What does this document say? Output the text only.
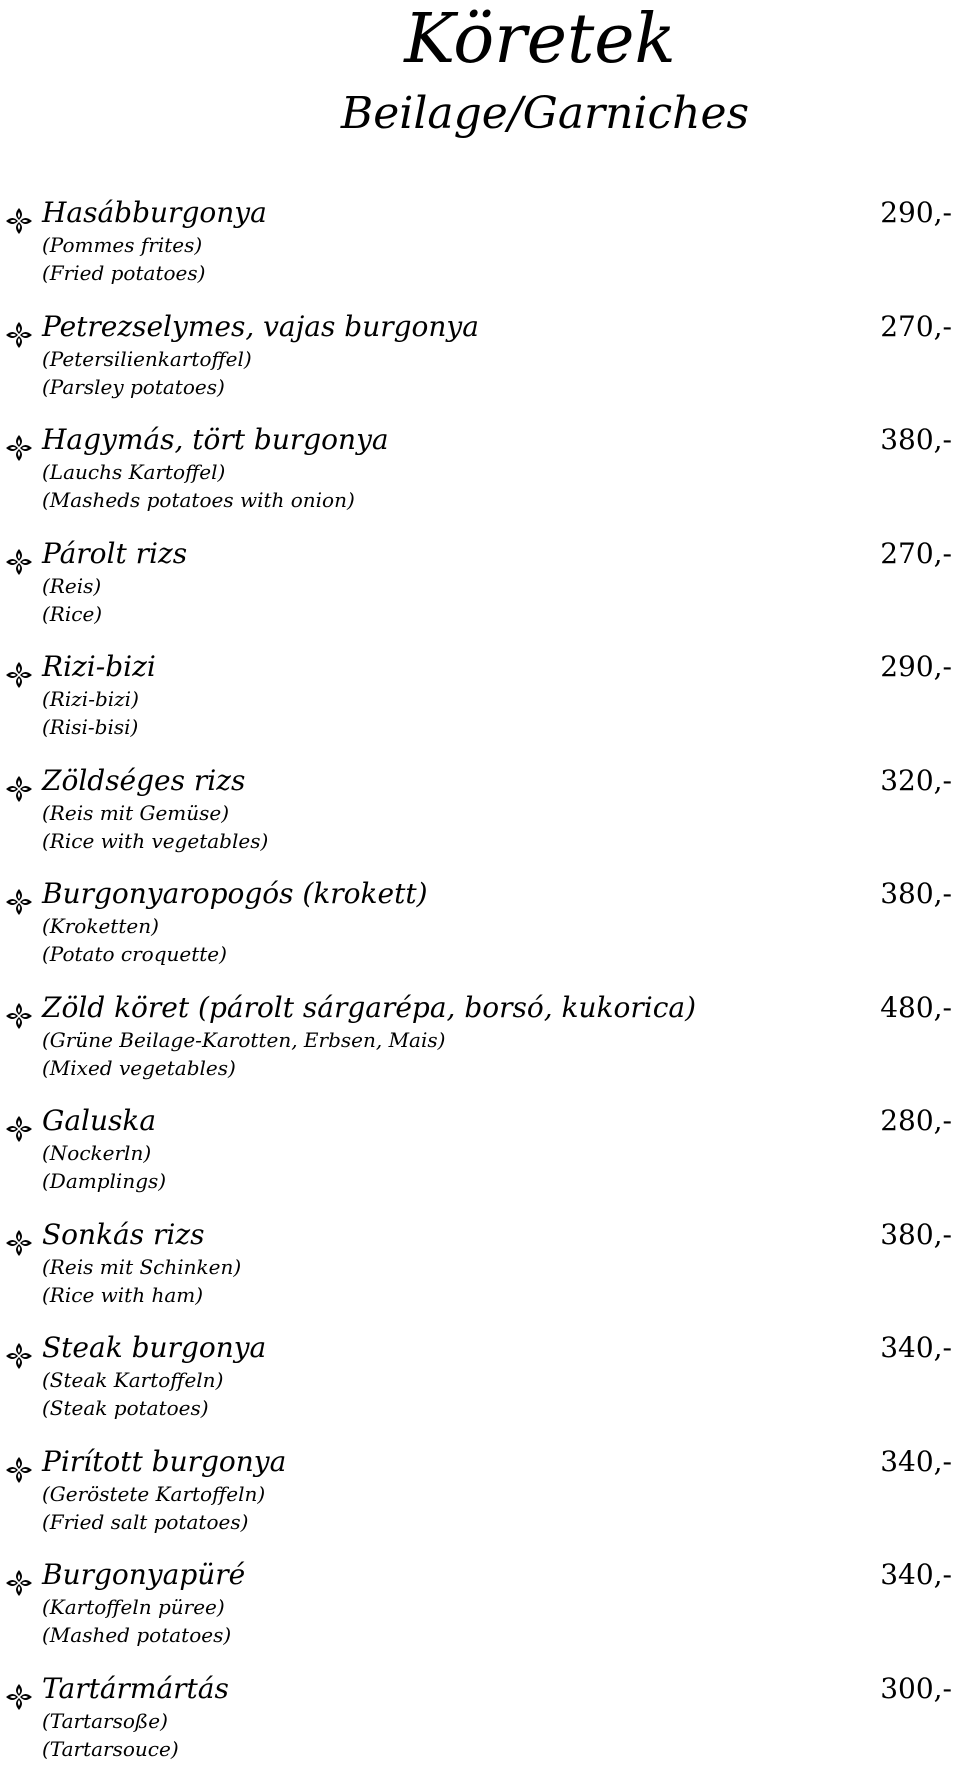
Köretek
Beilage/Garniches
Hasábburgonya	290,-
(Pommes frites)
(Fried potatoes)
Petrezselymes, vajas burgonya	270,-
(Petersilienkartoffel)
(Parsley potatoes)
Hagymás, tört burgonya	380,-
(Lauchs Kartoffel)
(Masheds potatoes with onion)
Párolt rizs	270,-
(Reis)
(Rice)
Rizi-bizi	290,-
(Rizi-bizi)
(Risi-bisi)
Zöldséges rizs	320,-
(Reis mit Gemüse)
(Rice with vegetables)
Burgonyaropogós (krokett)	380,-
(Kroketten)
(Potato croquette)
Zöld köret (párolt sárgarépa, borsó, kukorica)	480,-
(Grüne Beilage-Karotten, Erbsen, Mais)
(Mixed vegetables)
Galuska	280,-
(Nockerln)
(Damplings)
Sonkás rizs	380,-
(Reis mit Schinken)
(Rice with ham)
Steak burgonya	340,-
(Steak Kartoffeln)
(Steak potatoes)
Pirított burgonya	340,-
(Geröstete Kartoffeln)
(Fried salt potatoes)
Burgonyapüré	340,-
(Kartoffeln püree)
(Mashed potatoes)
Tartármártás	300,-
(Tartarsoße)
(Tartarsouce)
